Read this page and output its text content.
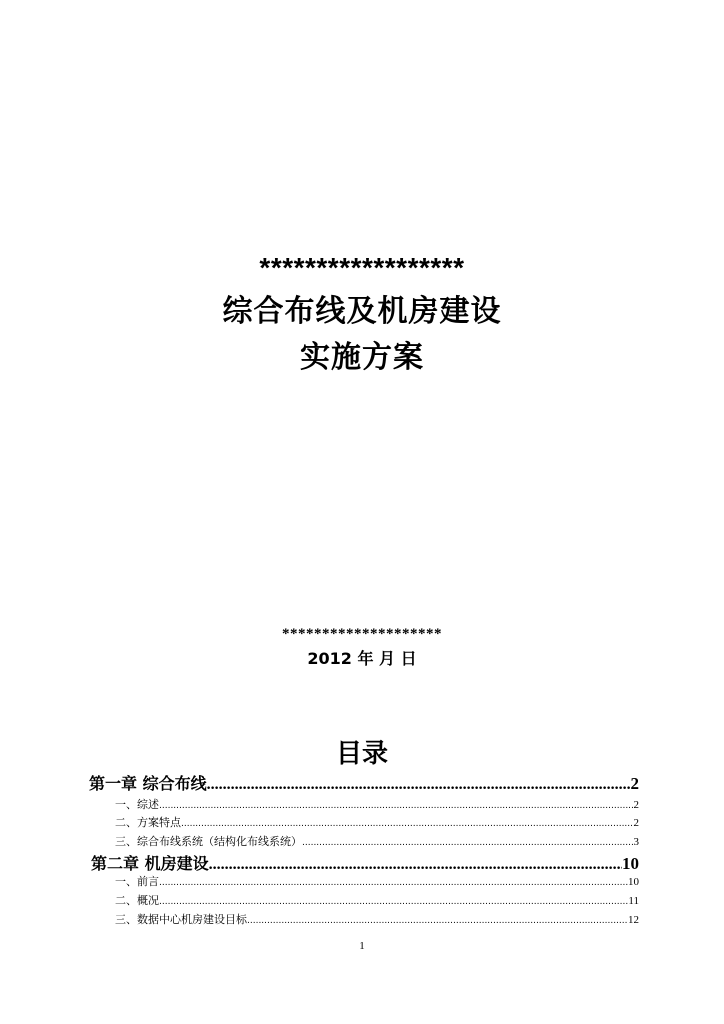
******************
综合布线及机房建设
实施方案
********************
2012 年 月 日
目录
第一章 综合布线 .....	2
一、综述 .....	2
二、方案特点 .....	2
三、综合布线系统（结构化布线系统） .....	3
第二章 机房建设 .....	10
一、前言 .....	10
二、概况 .....	11
三、数据中心机房建设目标 .....	12
1
